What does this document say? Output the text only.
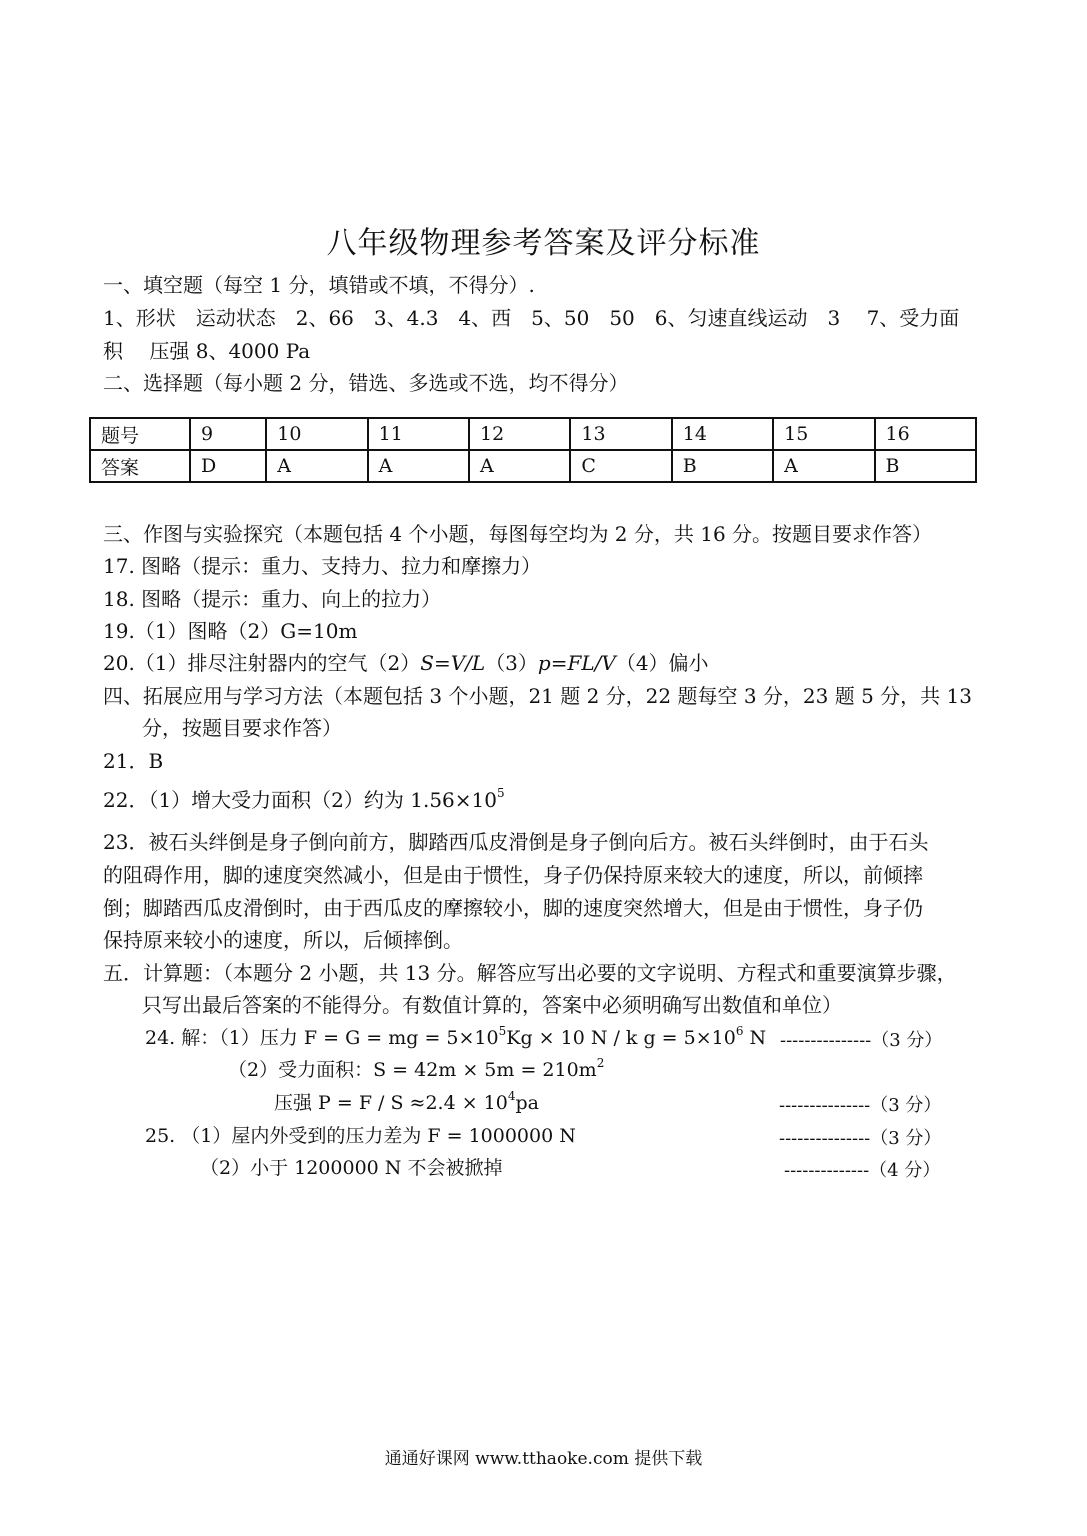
八年级物理参考答案及评分标准
一、填空题（每空 1 分，填错或不填，不得分）.
1、形状　运动状态　2、66　3、4.3　4、西　5、50　50　6、匀速直线运动　3　 7、受力面
积　 压强 8、4000 Pa
二、选择题（每小题 2 分，错选、多选或不选，均不得分）
题号	9	10	11	12	13	14	15	16
答案	D	A	A	A	C	B	A	B
三、作图与实验探究（本题包括 4 个小题，每图每空均为 2 分，共 16 分。按题目要求作答）
17. 图略（提示：重力、支持力、拉力和摩擦力）
18. 图略（提示：重力、向上的拉力）
19.（1）图略（2）G=10m
20.（1）排尽注射器内的空气（2）S=V/L（3）p=FL/V（4）偏小
四、拓展应用与学习方法（本题包括 3 个小题，21 题 2 分，22 题每空 3 分，23 题 5 分，共 13
分，按题目要求作答）
21．B
22．（1）增大受力面积（2）约为 $1.56\times 10^5$
23．被石头绊倒是身子倒向前方，脚踏西瓜皮滑倒是身子倒向后方。被石头绊倒时，由于石头
的阻碍作用，脚的速度突然减小，但是由于惯性，身子仍保持原来较大的速度，所以，前倾摔
倒；脚踏西瓜皮滑倒时，由于西瓜皮的摩擦较小，脚的速度突然增大，但是由于惯性，身子仍
保持原来较小的速度，所以，后倾摔倒。
五．计算题：（本题分 2 小题，共 13 分。解答应写出必要的文字说明、方程式和重要演算步骤，
只写出最后答案的不能得分。有数值计算的，答案中必须明确写出数值和单位）
24. 解：（1）压力 F = G = mg = $5\times 10^5Kg \times 10$ N / k $g = 5\times 10^6$ N ---------------（3 分）
（2）受力面积：$S = 42m \times 5m = 210m^2$
压强 $P = F / S \approx 2.4 \times 10^4pa$	---------------（3 分）
25. （1）屋内外受到的压力差为 F = 1000000 N	---------------（3 分）
（2）小于 1200000 N 不会被掀掉	--------------（4 分）
通通好课网 www.tthaoke.com 提供下载
